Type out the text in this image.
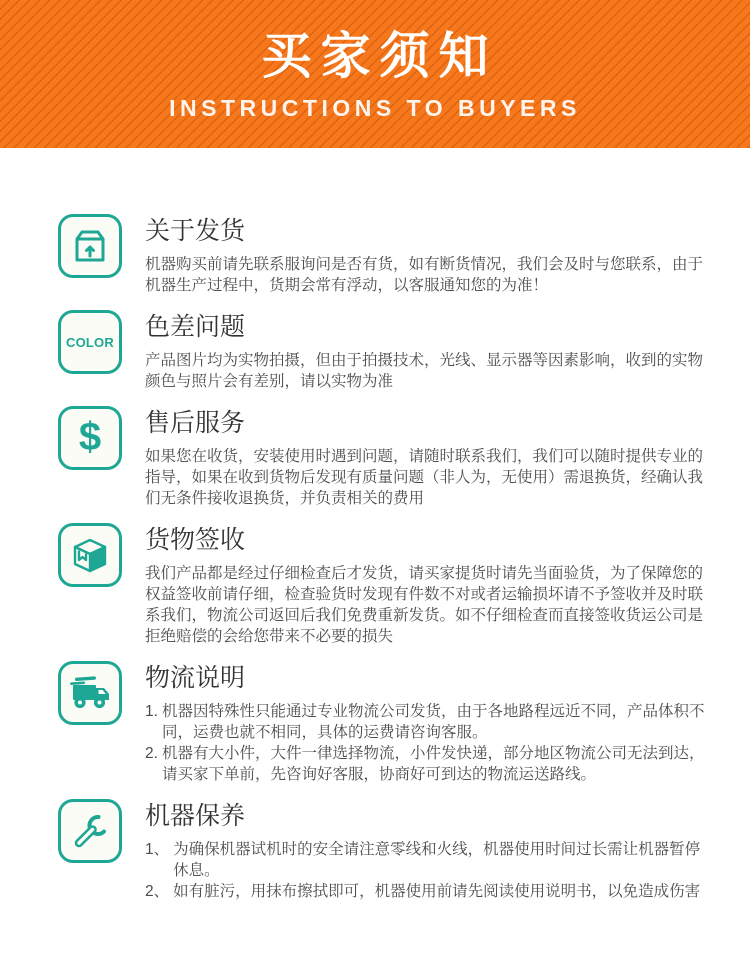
买家须知
INSTRUCTIONS TO BUYERS
关于发货

机器购买前请先联系服询问是否有货，如有断货情况，我们会及时与您联系，由于机器生产过程中，货期会常有浮动，以客服通知您的为准！

COLOR
色差问题

产品图片均为实物拍摄，但由于拍摄技术，光线、显示器等因素影响，收到的实物颜色与照片会有差别，请以实物为准

$ 售后服务

如果您在收货，安装使用时遇到问题，请随时联系我们，我们可以随时提供专业的指导，如果在收到货物后发现有质量问题（非人为，无使用）需退换货，经确认我们无条件接收退换货，并负责相关的费用

货物签收

我们产品都是经过仔细检查后才发货，请买家提货时请先当面验货，为了保障您的权益签收前请仔细，检查验货时发现有件数不对或者运输损坏请不予签收并及时联系我们，物流公司返回后我们免费重新发货。如不仔细检查而直接签收货运公司是拒绝赔偿的会给您带来不必要的损失

物流说明
1. 机器因特殊性只能通过专业物流公司发货，由于各地路程远近不同，产品体积不同，运费也就不相同，具体的运费请咨询客服。
2. 机器有大小件，大件一律选择物流，小件发快递，部分地区物流公司无法到达，请买家下单前，先咨询好客服，协商好可到达的物流运送路线。
机器保养
1、 为确保机器试机时的安全请注意零线和火线，机器使用时间过长需让机器暂停休息。
2、 如有脏污，用抹布擦拭即可，机器使用前请先阅读使用说明书，以免造成伤害
